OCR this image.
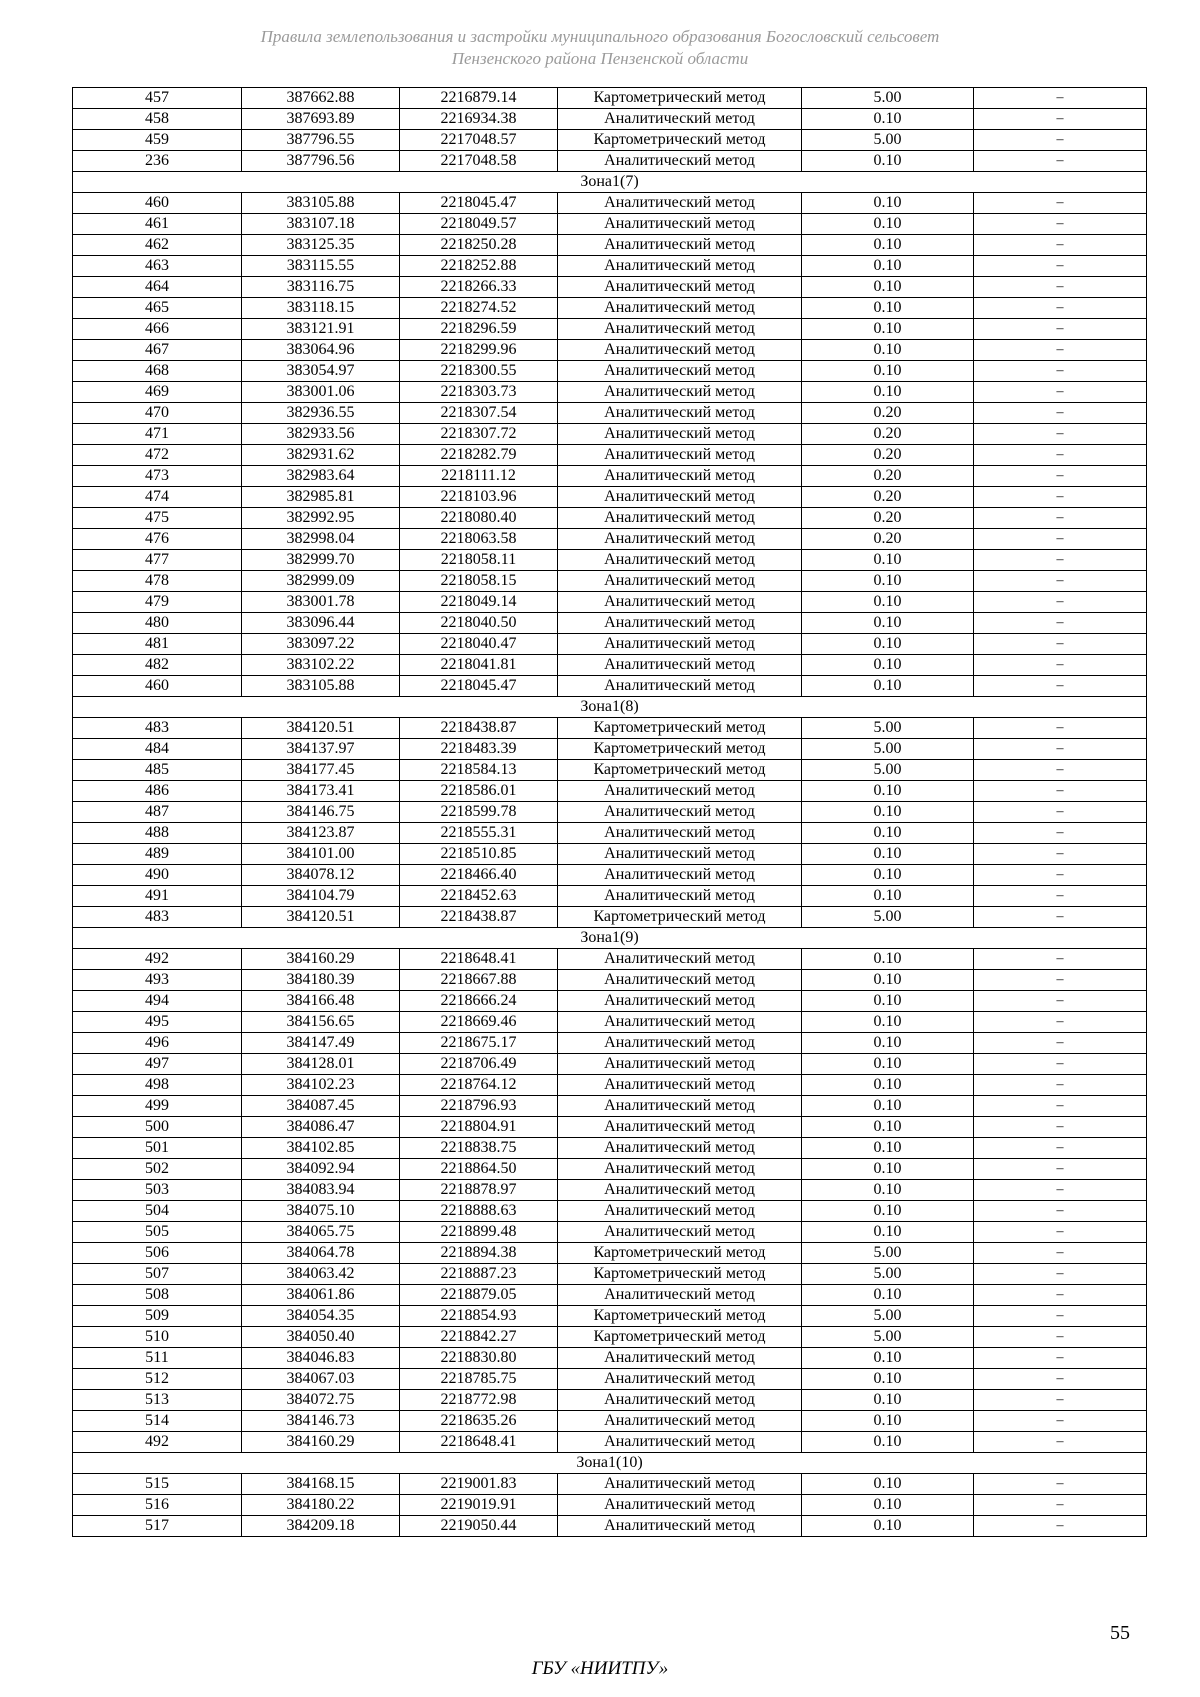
Правила землепользования и застройки муниципального образования Богословский сельсовет
Пензенского района Пензенской области
457	387662.88	2216879.14	Картометрический метод	5.00	–
458	387693.89	2216934.38	Аналитический метод	0.10	–
459	387796.55	2217048.57	Картометрический метод	5.00	–
236	387796.56	2217048.58	Аналитический метод	0.10	–
Зона1(7)					
460	383105.88	2218045.47	Аналитический метод	0.10	–
461	383107.18	2218049.57	Аналитический метод	0.10	–
462	383125.35	2218250.28	Аналитический метод	0.10	–
463	383115.55	2218252.88	Аналитический метод	0.10	–
464	383116.75	2218266.33	Аналитический метод	0.10	–
465	383118.15	2218274.52	Аналитический метод	0.10	–
466	383121.91	2218296.59	Аналитический метод	0.10	–
467	383064.96	2218299.96	Аналитический метод	0.10	–
468	383054.97	2218300.55	Аналитический метод	0.10	–
469	383001.06	2218303.73	Аналитический метод	0.10	–
470	382936.55	2218307.54	Аналитический метод	0.20	–
471	382933.56	2218307.72	Аналитический метод	0.20	–
472	382931.62	2218282.79	Аналитический метод	0.20	–
473	382983.64	2218111.12	Аналитический метод	0.20	–
474	382985.81	2218103.96	Аналитический метод	0.20	–
475	382992.95	2218080.40	Аналитический метод	0.20	–
476	382998.04	2218063.58	Аналитический метод	0.20	–
477	382999.70	2218058.11	Аналитический метод	0.10	–
478	382999.09	2218058.15	Аналитический метод	0.10	–
479	383001.78	2218049.14	Аналитический метод	0.10	–
480	383096.44	2218040.50	Аналитический метод	0.10	–
481	383097.22	2218040.47	Аналитический метод	0.10	–
482	383102.22	2218041.81	Аналитический метод	0.10	–
460	383105.88	2218045.47	Аналитический метод	0.10	–
Зона1(8)					
483	384120.51	2218438.87	Картометрический метод	5.00	–
484	384137.97	2218483.39	Картометрический метод	5.00	–
485	384177.45	2218584.13	Картометрический метод	5.00	–
486	384173.41	2218586.01	Аналитический метод	0.10	–
487	384146.75	2218599.78	Аналитический метод	0.10	–
488	384123.87	2218555.31	Аналитический метод	0.10	–
489	384101.00	2218510.85	Аналитический метод	0.10	–
490	384078.12	2218466.40	Аналитический метод	0.10	–
491	384104.79	2218452.63	Аналитический метод	0.10	–
483	384120.51	2218438.87	Картометрический метод	5.00	–
Зона1(9)					
492	384160.29	2218648.41	Аналитический метод	0.10	–
493	384180.39	2218667.88	Аналитический метод	0.10	–
494	384166.48	2218666.24	Аналитический метод	0.10	–
495	384156.65	2218669.46	Аналитический метод	0.10	–
496	384147.49	2218675.17	Аналитический метод	0.10	–
497	384128.01	2218706.49	Аналитический метод	0.10	–
498	384102.23	2218764.12	Аналитический метод	0.10	–
499	384087.45	2218796.93	Аналитический метод	0.10	–
500	384086.47	2218804.91	Аналитический метод	0.10	–
501	384102.85	2218838.75	Аналитический метод	0.10	–
502	384092.94	2218864.50	Аналитический метод	0.10	–
503	384083.94	2218878.97	Аналитический метод	0.10	–
504	384075.10	2218888.63	Аналитический метод	0.10	–
505	384065.75	2218899.48	Аналитический метод	0.10	–
506	384064.78	2218894.38	Картометрический метод	5.00	–
507	384063.42	2218887.23	Картометрический метод	5.00	–
508	384061.86	2218879.05	Аналитический метод	0.10	–
509	384054.35	2218854.93	Картометрический метод	5.00	–
510	384050.40	2218842.27	Картометрический метод	5.00	–
511	384046.83	2218830.80	Аналитический метод	0.10	–
512	384067.03	2218785.75	Аналитический метод	0.10	–
513	384072.75	2218772.98	Аналитический метод	0.10	–
514	384146.73	2218635.26	Аналитический метод	0.10	–
492	384160.29	2218648.41	Аналитический метод	0.10	–
Зона1(10)					
515	384168.15	2219001.83	Аналитический метод	0.10	–
516	384180.22	2219019.91	Аналитический метод	0.10	–
517	384209.18	2219050.44	Аналитический метод	0.10	–
55
ГБУ «НИИТПУ»
